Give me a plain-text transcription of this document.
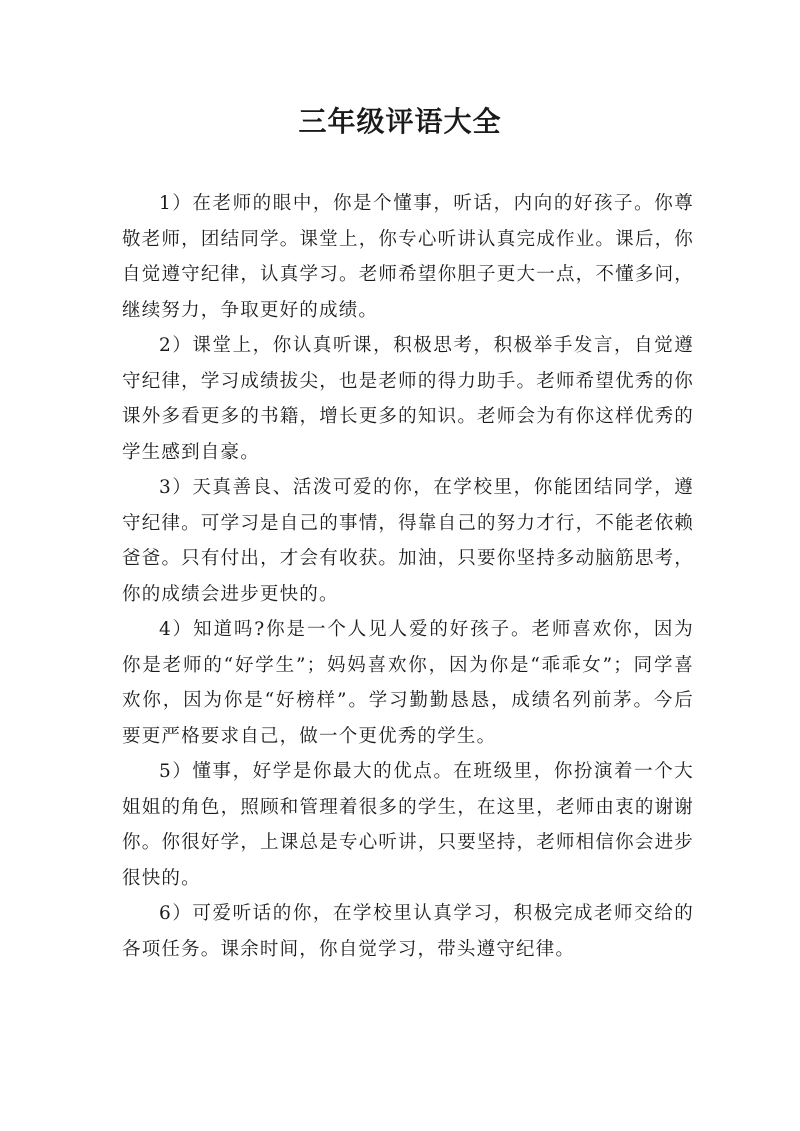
三年级评语大全

1）在老师的眼中，你是个懂事，听话，内向的好孩子。你尊敬老师，团结同学。课堂上，你专心听讲认真完成作业。课后，你自觉遵守纪律，认真学习。老师希望你胆子更大一点，不懂多问，继续努力，争取更好的成绩。

2）课堂上，你认真听课，积极思考，积极举手发言，自觉遵守纪律，学习成绩拔尖，也是老师的得力助手。老师希望优秀的你课外多看更多的书籍，增长更多的知识。老师会为有你这样优秀的学生感到自豪。

3）天真善良、活泼可爱的你，在学校里，你能团结同学，遵守纪律。可学习是自己的事情，得靠自己的努力才行，不能老依赖爸爸。只有付出，才会有收获。加油，只要你坚持多动脑筋思考，你的成绩会进步更快的。

4）知道吗?你是一个人见人爱的好孩子。老师喜欢你，因为你是老师的“好学生”；妈妈喜欢你，因为你是“乖乖女”；同学喜欢你，因为你是“好榜样”。学习勤勤恳恳，成绩名列前茅。今后要更严格要求自己，做一个更优秀的学生。

5）懂事，好学是你最大的优点。在班级里，你扮演着一个大姐姐的角色，照顾和管理着很多的学生，在这里，老师由衷的谢谢你。你很好学，上课总是专心听讲，只要坚持，老师相信你会进步很快的。

6）可爱听话的你，在学校里认真学习，积极完成老师交给的各项任务。课余时间，你自觉学习，带头遵守纪律。
